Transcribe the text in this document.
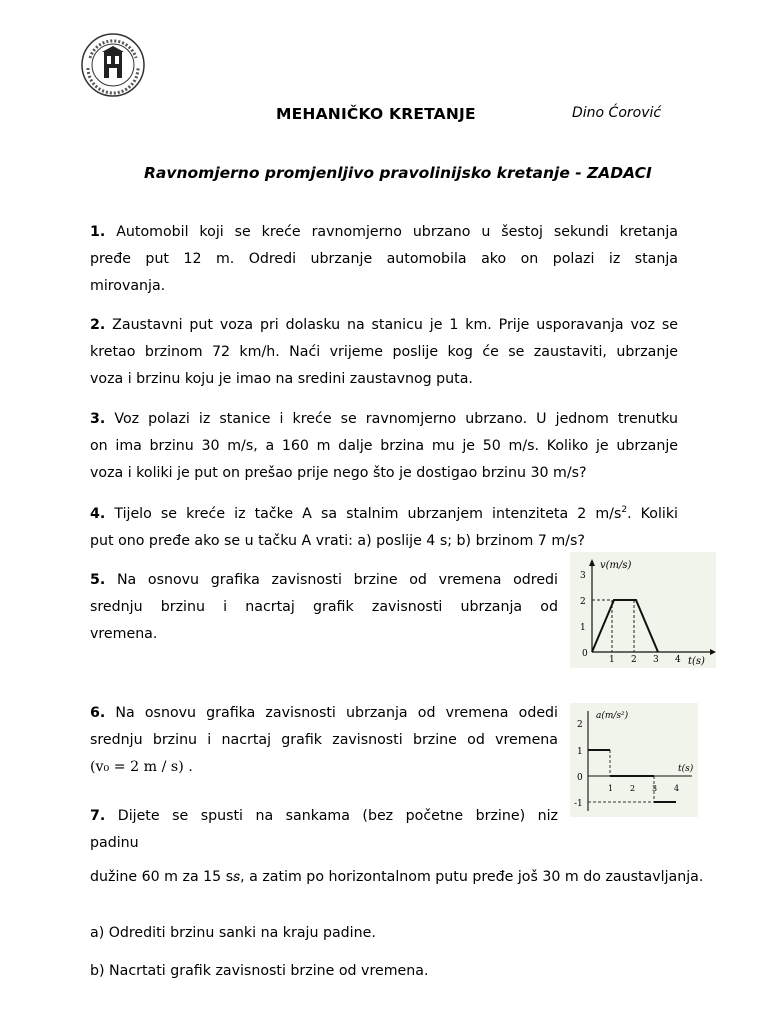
MEHANIČKO KRETANJE	Dino Ćorović
Ravnomjerno promjenljivo pravolinijsko kretanje - ZADACI
1. Automobil koji se kreće ravnomjerno ubrzano u šestoj sekundi kretanja
pređe put 12 m. Odredi ubrzanje automobila ako on polazi iz stanja
mirovanja.
2. Zaustavni put voza pri dolasku na stanicu je 1 km. Prije usporavanja voz se
kretao brzinom 72 km/h. Naći vrijeme poslije kog će se zaustaviti, ubrzanje
voza i brzinu koju je imao na sredini zaustavnog puta.
3. Voz polazi iz stanice i kreće se ravnomjerno ubrzano. U jednom trenutku
on ima brzinu 30 m/s, a 160 m dalje brzina mu je 50 m/s. Koliko je ubrzanje
voza i koliki je put on prešao prije nego što je dostigao brzinu 30 m/s?
4. Tijelo se kreće iz tačke A sa stalnim ubrzanjem intenziteta 2 $m/s^2$. Koliki
put ono pređe ako se u tačku A vrati: a) poslije 4 s; b) brzinom 7 m/s?
5. Na osnovu grafika zavisnosti brzine od vremena odredi
srednju brzinu i nacrtaj grafik zavisnosti ubrzanja od
vremena.
v(m/s)
t(s)
3
2
1
0
1 2 3 4
6. Na osnovu grafika zavisnosti ubrzanja od vremena odedi
srednju brzinu i nacrtaj grafik zavisnosti brzine od vremena
(v₀ = 2 m / s) .
a(m/s²)
t(s)
2
1
0
-1
1 2 3 4
7. Dijete se spusti na sankama (bez početne brzine) niz
padinu
dužine 60 m za 15 s𝑠, a zatim po horizontalnom putu pređe još 30 m do zaustavljanja.
a) Odrediti brzinu sanki na kraju padine.
b) Nacrtati grafik zavisnosti brzine od vremena.
